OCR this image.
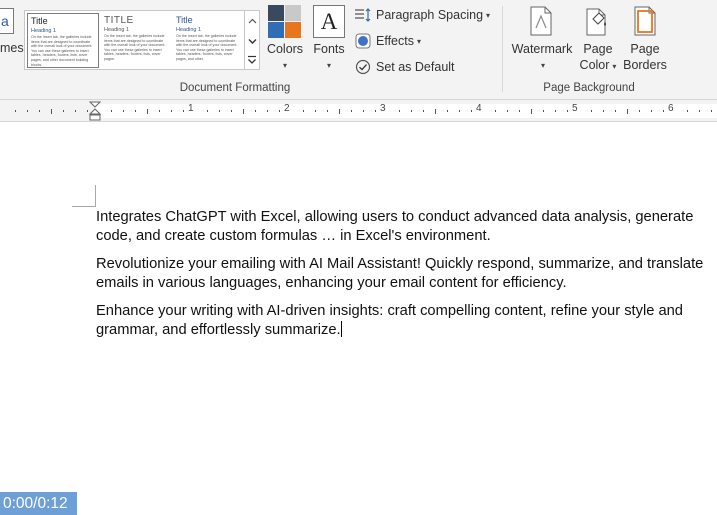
a
mes
Title
Heading 1
On the Insert tab, the galleries include items that are designed to coordinate with the overall look of your document. You can use these galleries to insert tables, headers, footers, lists, cover pages, and other document building blocks.
TITLE
Heading 1
On the Insert tab, the galleries include items that are designed to coordinate with the overall look of your document. You can use these galleries to insert tables, headers, footers, lists, cover pages.
Title
Heading 1
On the Insert tab, the galleries include items that are designed to coordinate with the overall look of your document. You can use these galleries to insert tables, headers, footers, lists, cover pages, and other.
Colors
▾
A
Fonts
▾
Paragraph Spacing ▾
Effects ▾
Set as Default
Document Formatting
Watermark
▾
Page
Color ▾
Page
Borders
Page Background
1	2	3	4	5	6
Integrates ChatGPT with Excel, allowing users to conduct advanced data analysis, generate code, and create custom formulas … in Excel's environment.
Revolutionize your emailing with AI Mail Assistant! Quickly respond, summarize, and translate emails in various languages, enhancing your email content for efficiency.
Enhance your writing with AI-driven insights: craft compelling content, refine your style and grammar, and effortlessly summarize.
0:00/0:12
